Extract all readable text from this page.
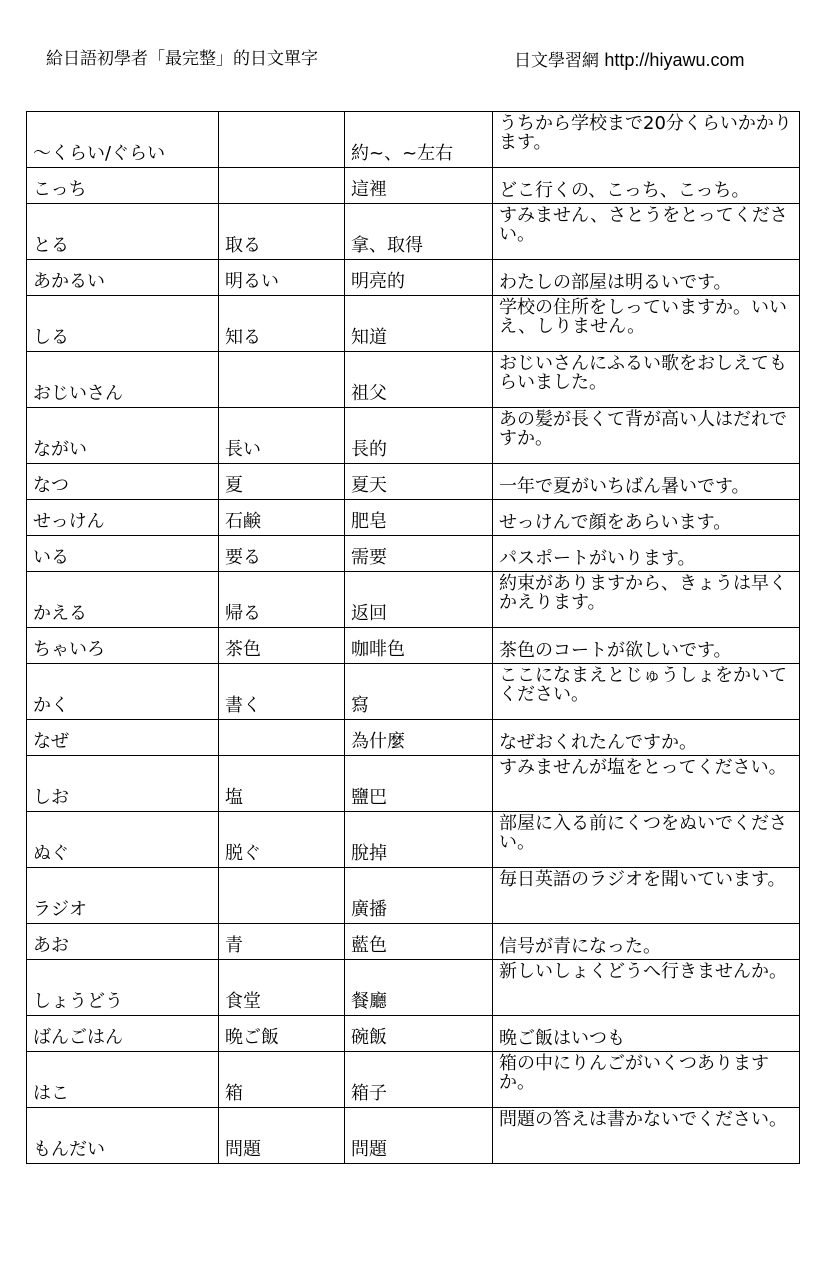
給日語初學者「最完整」的日文單字	日文學習網 http://hiyawu.com
～くらい/ぐらい		約~、~左右	うちから学校まで20分くらいかかります。
こっち		這裡	どこ行くの、こっち、こっち。
とる	取る	拿、取得	すみません、さとうをとってください。
あかるい	明るい	明亮的	わたしの部屋は明るいです。
しる	知る	知道	学校の住所をしっていますか。いいえ、しりません。
おじいさん		祖父	おじいさんにふるい歌をおしえてもらいました。
ながい	長い	長的	あの髪が長くて背が高い人はだれですか。
なつ	夏	夏天	一年で夏がいちばん暑いです。
せっけん	石鹸	肥皂	せっけんで顔をあらいます。
いる	要る	需要	パスポートがいります。
かえる	帰る	返回	約束がありますから、きょうは早くかえります。
ちゃいろ	茶色	咖啡色	茶色のコートが欲しいです。
かく	書く	寫	ここになまえとじゅうしょをかいてください。
なぜ		為什麼	なぜおくれたんですか。
しお	塩	鹽巴	すみませんが塩をとってください。
ぬぐ	脱ぐ	脫掉	部屋に入る前にくつをぬいでください。
ラジオ		廣播	毎日英語のラジオを聞いています。
あお	青	藍色	信号が青になった。
しょうどう	食堂	餐廳	新しいしょくどうへ行きませんか。
ばんごはん	晩ご飯	碗飯	晩ご飯はいつも
はこ	箱	箱子	箱の中にりんごがいくつありますか。
もんだい	問題	問題	問題の答えは書かないでください。
